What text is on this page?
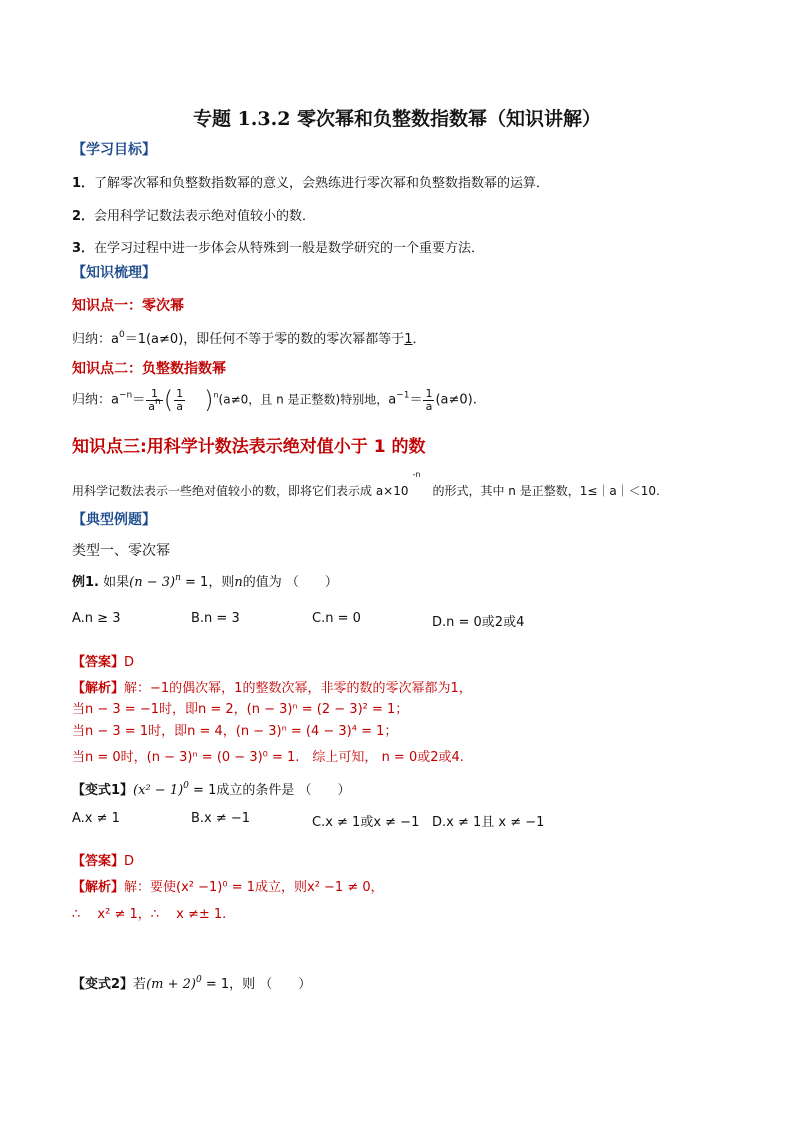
专题 1.3.2 零次幂和负整数指数幂（知识讲解）
【学习目标】
1．了解零次幂和负整数指数幂的意义，会熟练进行零次幂和负整数指数幂的运算．
2．会用科学记数法表示绝对值较小的数．
3．在学习过程中进一步体会从特殊到一般是数学研究的一个重要方法．
【知识梳理】
知识点一：零次幂
归纳：$a^0=1(a\ne 0)$，即任何不等于零的数的零次幂都等于1．
知识点二：负整数指数幂
归纳：$a^{-n}= \frac{1}{a^n}$ ( $\frac{1}{a} )^n(a\ne 0$，且 n 是正整数)特别地，$a^{-1}= \frac{1}{a} (a\ne 0)$.
知识点三:用科学计数法表示绝对值小于 1 的数
用科学记数法表示一些绝对值较小的数，即将它们表示成 $a\times 10^{-n}$的形式，其中 n 是正整数，1≤｜a｜＜10.
【典型例题】
类型一、零次幂
例1. 如果$(n - 3)^n = 1$，则n的值为 （　　）
A.n ≥ 3	B.n = 3	C.n = 0	D.n = 0或2或4
【答案】D
【解析】解：−1的偶次幂，1的整数次幂，非零的数的零次幂都为1，
当n − 3 = −1时，即n = 2，(n − 3)ⁿ = (2 − 3)² = 1；
当n − 3 = 1时，即n = 4，(n − 3)ⁿ = (4 − 3)⁴ = 1；
当n = 0时，(n − 3)ⁿ = (0 − 3)⁰ = 1.　综上可知， n = 0或2或4.
【变式1】$(x^2 - 1)^0 = 1$成立的条件是 （　　）
A.x ≠ 1	B.x ≠ −1	C.x ≠ 1或x ≠ −1 D.x ≠ 1且 x ≠ −1
【答案】D
【解析】解：要使(x² −1)⁰ = 1成立，则x² −1 ≠ 0，
∴　 x² ≠ 1，∴　 x ≠± 1.
【变式2】若$(m + 2)^0 = 1$，则 （　　）
